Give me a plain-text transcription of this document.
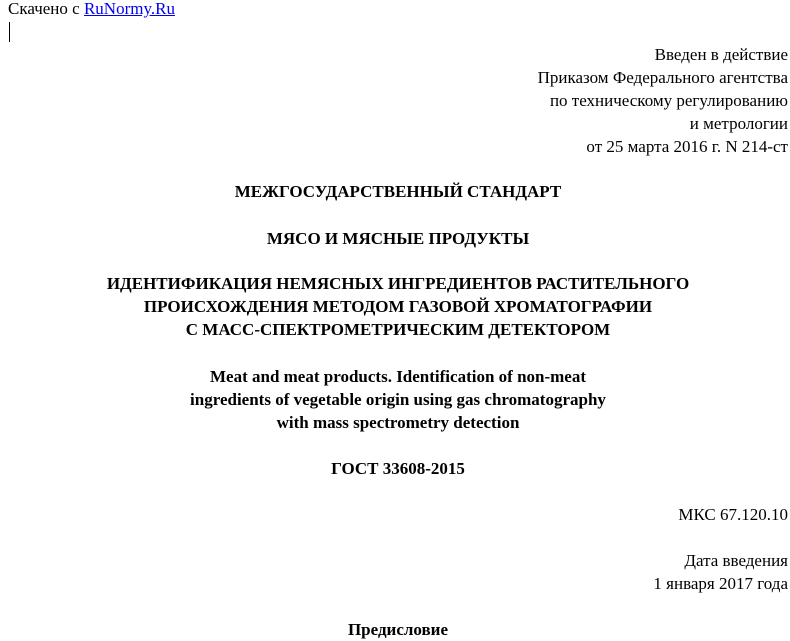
Скачено с RuNormy.Ru
Введен в действие
Приказом Федерального агентства
по техническому регулированию
и метрологии
от 25 марта 2016 г. N 214-ст
МЕЖГОСУДАРСТВЕННЫЙ СТАНДАРТ
МЯСО И МЯСНЫЕ ПРОДУКТЫ
ИДЕНТИФИКАЦИЯ НЕМЯСНЫХ ИНГРЕДИЕНТОВ РАСТИТЕЛЬНОГО
ПРОИСХОЖДЕНИЯ МЕТОДОМ ГАЗОВОЙ ХРОМАТОГРАФИИ
С МАСС-СПЕКТРОМЕТРИЧЕСКИМ ДЕТЕКТОРОМ
Meat and meat products. Identification of non-meat
ingredients of vegetable origin using gas chromatography
with mass spectrometry detection
ГОСТ 33608-2015
МКС 67.120.10
Дата введения
1 января 2017 года
Предисловие
